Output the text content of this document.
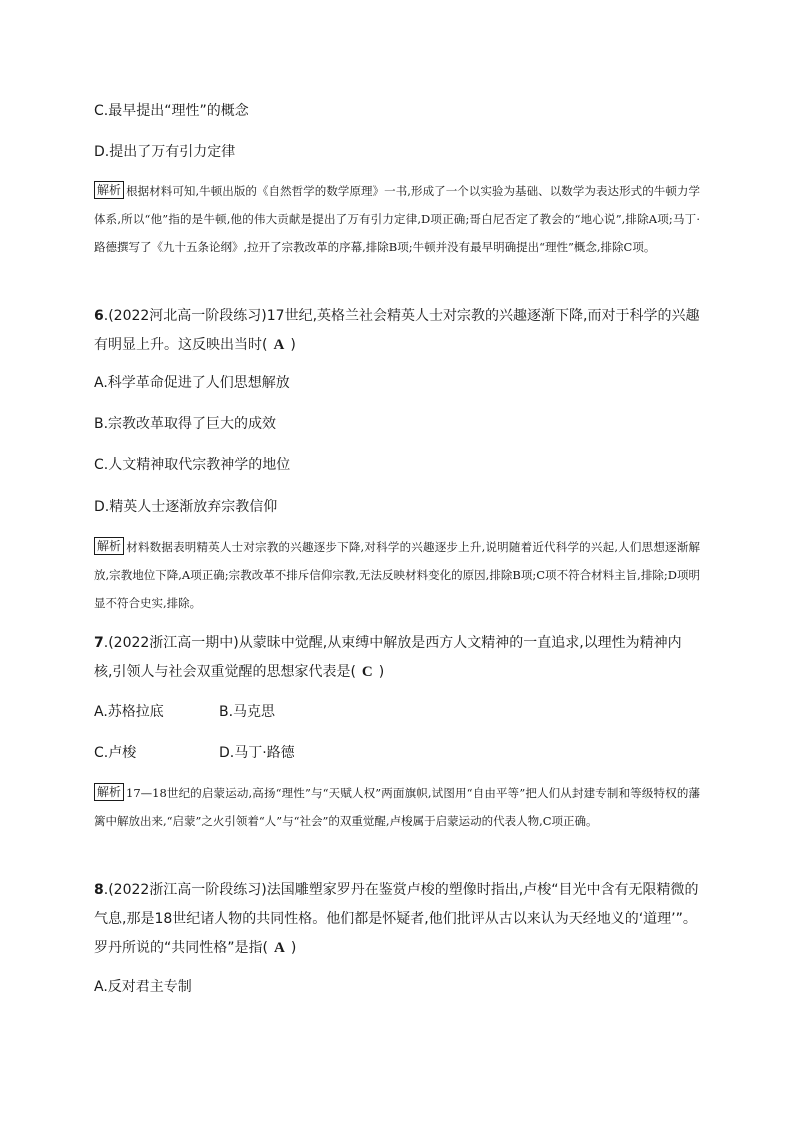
C.最早提出“理性”的概念
D.提出了万有引力定律
解析 根据材料可知,牛顿出版的《自然哲学的数学原理》一书,形成了一个以实验为基础、以数学为表达形式的牛顿力学体系,所以“他”指的是牛顿,他的伟大贡献是提出了万有引力定律,D项正确;哥白尼否定了教会的“地心说”,排除A项;马丁·路德撰写了《九十五条论纲》,拉开了宗教改革的序幕,排除B项;牛顿并没有最早明确提出“理性”概念,排除C项。
6.(2022河北高一阶段练习)17世纪,英格兰社会精英人士对宗教的兴趣逐渐下降,而对于科学的兴趣有明显上升。这反映出当时( A )
A.科学革命促进了人们思想解放
B.宗教改革取得了巨大的成效
C.人文精神取代宗教神学的地位
D.精英人士逐渐放弃宗教信仰
解析 材料数据表明精英人士对宗教的兴趣逐步下降,对科学的兴趣逐步上升,说明随着近代科学的兴起,人们思想逐渐解放,宗教地位下降,A项正确;宗教改革不排斥信仰宗教,无法反映材料变化的原因,排除B项;C项不符合材料主旨,排除;D项明显不符合史实,排除。
7.(2022浙江高一期中)从蒙昧中觉醒,从束缚中解放是西方人文精神的一直追求,以理性为精神内核,引领人与社会双重觉醒的思想家代表是( C )
A.苏格拉底	B.马克思
C.卢梭	D.马丁·路德
解析 17—18世纪的启蒙运动,高扬“理性”与“天赋人权”两面旗帜,试图用“自由平等”把人们从封建专制和等级特权的藩篱中解放出来,“启蒙”之火引领着“人”与“社会”的双重觉醒,卢梭属于启蒙运动的代表人物,C项正确。
8.(2022浙江高一阶段练习)法国雕塑家罗丹在鉴赏卢梭的塑像时指出,卢梭“目光中含有无限精微的气息,那是18世纪诸人物的共同性格。他们都是怀疑者,他们批评从古以来认为天经地义的‘道理’”。罗丹所说的“共同性格”是指( A )
A.反对君主专制
